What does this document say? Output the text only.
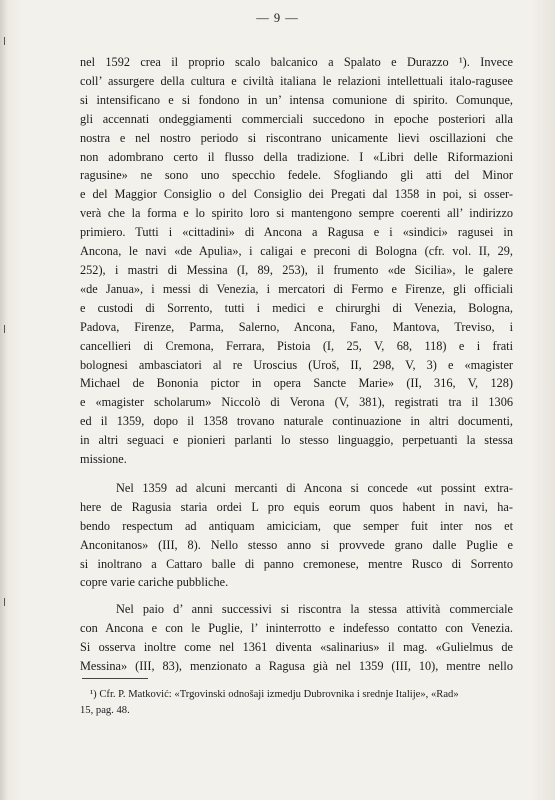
— 9 —

nel 1592 crea il proprio scalo balcanico a Spalato e Durazzo ¹). Invece
coll’ assurgere della cultura e civiltà italiana le relazioni intellettuali italo-ragusee
si intensificano e si fondono in un’ intensa comunione di spirito. Comunque,
gli accennati ondeggiamenti commerciali succedono in epoche posteriori alla
nostra e nel nostro periodo si riscontrano unicamente lievi oscillazioni che
non adombrano certo il flusso della tradizione. I «Libri delle Riformazioni
ragusine» ne sono uno specchio fedele. Sfogliando gli atti del Minor
e del Maggior Consiglio o del Consiglio dei Pregati dal 1358 in poi, si osser-
verà che la forma e lo spirito loro si mantengono sempre coerenti all’ indirizzo
primiero. Tutti i «cittadini» di Ancona a Ragusa e i «sindici» ragusei in
Ancona, le navi «de Apulia», i caligai e preconi di Bologna (cfr. vol. II, 29,
252), i mastri di Messina (I, 89, 253), il frumento «de Sicilia», le galere
«de Janua», i messi di Venezia, i mercatori di Fermo e Firenze, gli officiali
e custodi di Sorrento, tutti i medici e chirurghi di Venezia, Bologna,
Padova, Firenze, Parma, Salerno, Ancona, Fano, Mantova, Treviso, i
cancellieri di Cremona, Ferrara, Pistoia (I, 25, V, 68, 118) e i frati
bolognesi ambasciatori al re Uroscius (Uroš, II, 298, V, 3) e «magister
Michael de Bononia pictor in opera Sancte Marie» (II, 316, V, 128)
e «magister scholarum» Niccolò di Verona (V, 381), registrati tra il 1306
ed il 1359, dopo il 1358 trovano naturale continuazione in altri documenti,
in altri seguaci e pionieri parlanti lo stesso linguaggio, perpetuanti la stessa
missione.

Nel 1359 ad alcuni mercanti di Ancona si concede «ut possint extra-
here de Ragusia staria ordei L pro equis eorum quos habent in navi, ha-
bendo respectum ad antiquam amiciciam, que semper fuit inter nos et
Anconitanos» (III, 8). Nello stesso anno si provvede grano dalle Puglie e
si inoltrano a Cattaro balle di panno cremonese, mentre Rusco di Sorrento
copre varie cariche pubbliche.

Nel paio d’ anni successivi si riscontra la stessa attività commerciale
con Ancona e con le Puglie, l’ ininterrotto e indefesso contatto con Venezia.
Si osserva inoltre come nel 1361 diventa «salinarius» il mag. «Gulielmus de
Messina» (III, 83), menzionato a Ragusa già nel 1359 (III, 10), mentre nello

¹) Cfr. P. Matković: «Trgovinski odnošaji izmedju Dubrovnika i srednje Italije», «Rad»
15, pag. 48.
